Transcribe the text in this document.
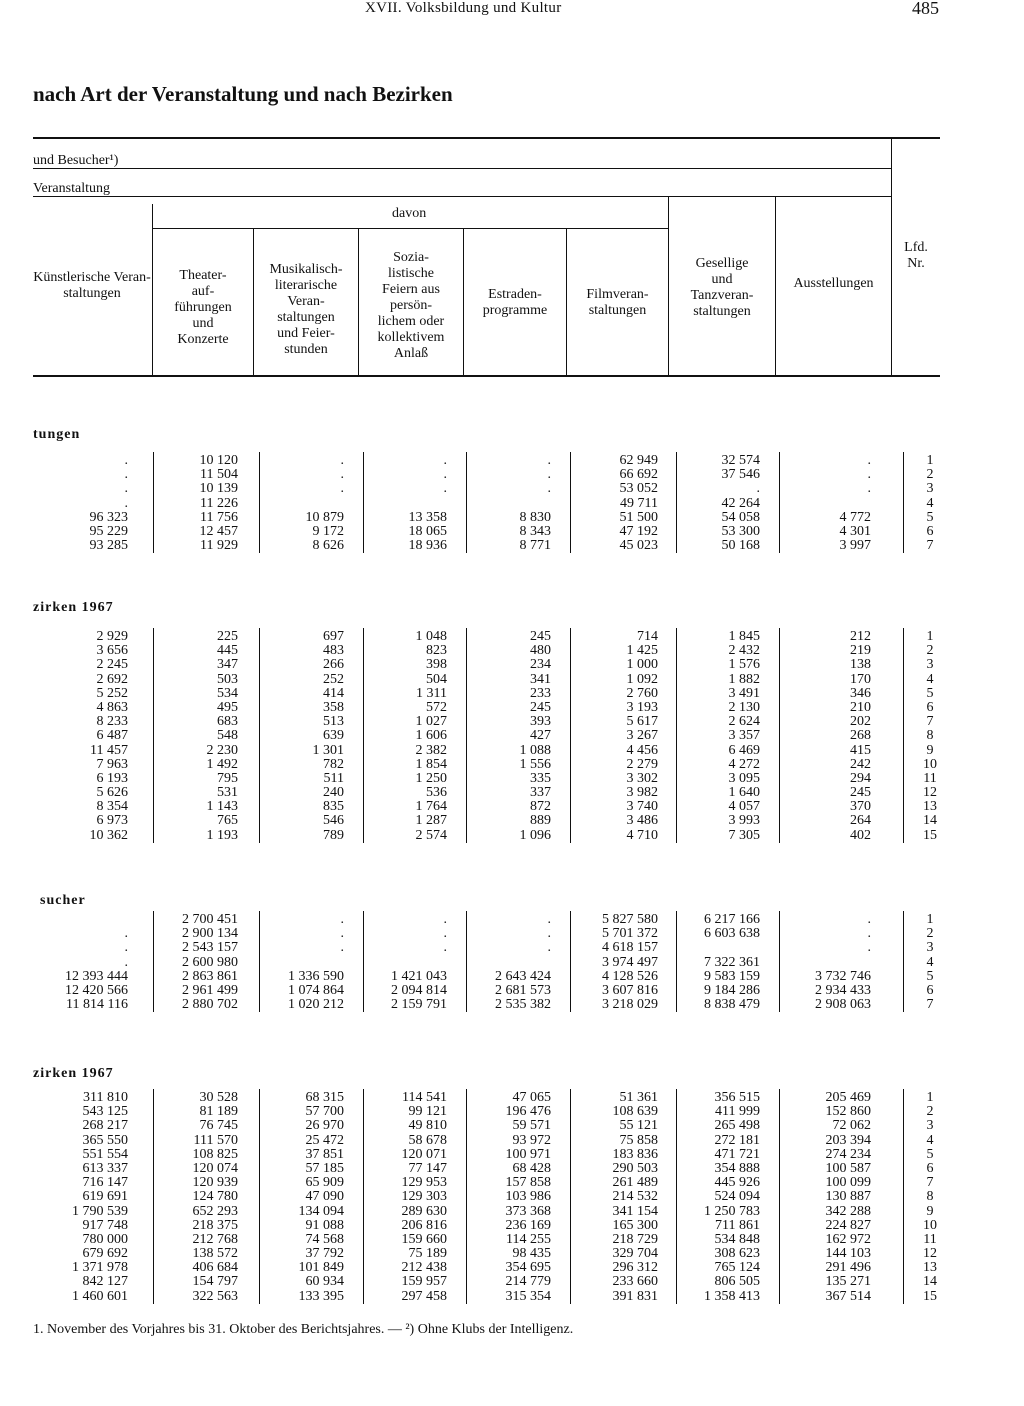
XVII. Volksbildung und Kultur	485
nach Art der Veranstaltung und nach Bezirken
und Besucher¹)
Veranstaltung
davon
Künstlerische Veran-
staltungen
Theater-
auf-
führungen
und
Konzerte
Musikalisch-
literarische
Veran-
staltungen
und Feier-
stunden
Sozia-
listische
Feiern aus
persön-
lichem oder
kollektivem
Anlaß
Estraden-
programme
Filmveran-
staltungen
Gesellige
und
Tanzveran-
staltungen
Ausstellungen
Lfd.
Nr.
tungen
.
.
.
.
96 323
95 229
93 285
10 120
11 504
10 139
11 226
11 756
12 457
11 929
.
.
.
10 879
9 172
8 626
.
.
.
13 358
18 065
18 936
.
.
.
8 830
8 343
8 771
62 949
66 692
53 052
49 711
51 500
47 192
45 023
32 574
37 546
.
42 264
54 058
53 300
50 168
.
.
.
4 772
4 301
3 997
1
2
3
4
5
6
7
zirken 1967
2 929
3 656
2 245
2 692
5 252
4 863
8 233
6 487
11 457
7 963
6 193
5 626
8 354
6 973
10 362
225
445
347
503
534
495
683
548
2 230
1 492
795
531
1 143
765
1 193
697
483
266
252
414
358
513
639
1 301
782
511
240
835
546
789
1 048
823
398
504
1 311
572
1 027
1 606
2 382
1 854
1 250
536
1 764
1 287
2 574
245
480
234
341
233
245
393
427
1 088
1 556
335
337
872
889
1 096
714
1 425
1 000
1 092
2 760
3 193
5 617
3 267
4 456
2 279
3 302
3 982
3 740
3 486
4 710
1 845
2 432
1 576
1 882
3 491
2 130
2 624
3 357
6 469
4 272
3 095
1 640
4 057
3 993
7 305
212
219
138
170
346
210
202
268
415
242
294
245
370
264
402
1
2
3
4
5
6
7
8
9
10
11
12
13
14
15
sucher
.
.
.
12 393 444
12 420 566
11 814 116
2 700 451
2 900 134
2 543 157
2 600 980
2 863 861
2 961 499
2 880 702
.
.
.
1 336 590
1 074 864
1 020 212
.
.
.
1 421 043
2 094 814
2 159 791
.
.
.
2 643 424
2 681 573
2 535 382
5 827 580
5 701 372
4 618 157
3 974 497
4 128 526
3 607 816
3 218 029
6 217 166
6 603 638
7 322 361
9 583 159
9 184 286
8 838 479
.
.
.
3 732 746
2 934 433
2 908 063
1
2
3
4
5
6
7
zirken 1967
311 810
543 125
268 217
365 550
551 554
613 337
716 147
619 691
1 790 539
917 748
780 000
679 692
1 371 978
842 127
1 460 601
30 528
81 189
76 745
111 570
108 825
120 074
120 939
124 780
652 293
218 375
212 768
138 572
406 684
154 797
322 563
68 315
57 700
26 970
25 472
37 851
57 185
65 909
47 090
134 094
91 088
74 568
37 792
101 849
60 934
133 395
114 541
99 121
49 810
58 678
120 071
77 147
129 953
129 303
289 630
206 816
159 660
75 189
212 438
159 957
297 458
47 065
196 476
59 571
93 972
100 971
68 428
157 858
103 986
373 368
236 169
114 255
98 435
354 695
214 779
315 354
51 361
108 639
55 121
75 858
183 836
290 503
261 489
214 532
341 154
165 300
218 729
329 704
296 312
233 660
391 831
356 515
411 999
265 498
272 181
471 721
354 888
445 926
524 094
1 250 783
711 861
534 848
308 623
765 124
806 505
1 358 413
205 469
152 860
72 062
203 394
274 234
100 587
100 099
130 887
342 288
224 827
162 972
144 103
291 496
135 271
367 514
1
2
3
4
5
6
7
8
9
10
11
12
13
14
15
1. November des Vorjahres bis 31. Oktober des Berichtsjahres. — ²) Ohne Klubs der Intelligenz.
